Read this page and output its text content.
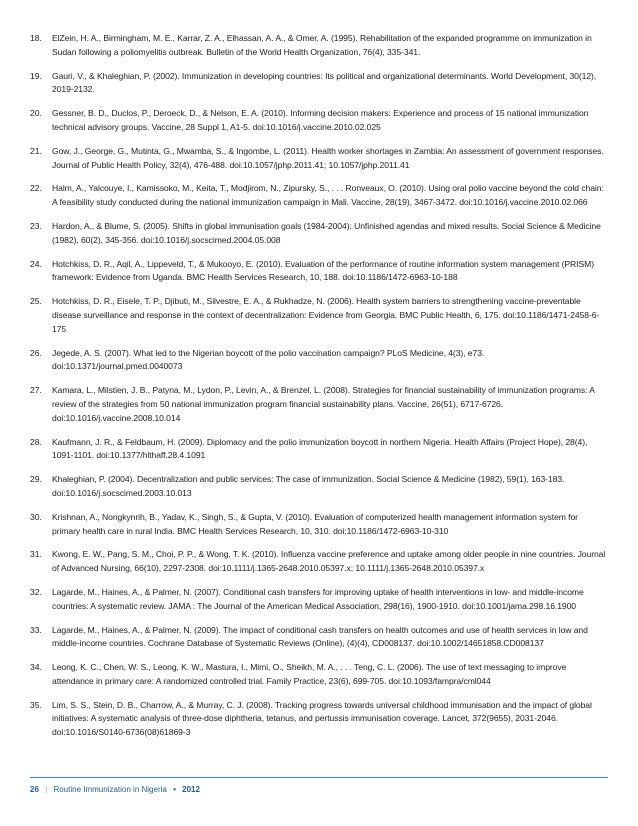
18. ElZein, H. A., Birmingham, M. E., Karrar, Z. A., Elhassan, A. A., & Omer, A. (1995). Rehabilitation of the expanded programme on immunization in Sudan following a poliomyelitis outbreak. Bulletin of the World Health Organization, 76(4), 335-341.
19. Gauri, V., & Khaleghian, P. (2002). Immunization in developing countries: Its political and organizational determinants. World Development, 30(12), 2019-2132.
20. Gessner, B. D., Duclos, P., Deroeck, D., & Nelson, E. A. (2010). Informing decision makers: Experience and process of 15 national immunization technical advisory groups. Vaccine, 28 Suppl 1, A1-5. doi:10.1016/j.vaccine.2010.02.025
21. Gow, J., George, G., Mutinta, G., Mwamba, S., & Ingombe, L. (2011). Health worker shortages in Zambia: An assessment of government responses. Journal of Public Health Policy, 32(4), 476-488. doi:10.1057/jphp.2011.41; 10.1057/jphp.2011.41
22. Halm, A., Yalcouye, I., Kamissoko, M., Keita, T., Modjirom, N., Zipursky, S., . . . Ronveaux, O. (2010). Using oral polio vaccine beyond the cold chain: A feasibility study conducted during the national immunization campaign in Mali. Vaccine, 28(19), 3467-3472. doi:10.1016/j.vaccine.2010.02.066
23. Hardon, A., & Blume, S. (2005). Shifts in global immunisation goals (1984-2004): Unfinished agendas and mixed results. Social Science & Medicine (1982), 60(2), 345-356. doi:10.1016/j.socscimed.2004.05.008
24. Hotchkiss, D. R., Aqil, A., Lippeveld, T., & Mukooyo, E. (2010). Evaluation of the performance of routine information system management (PRISM) framework: Evidence from Uganda. BMC Health Services Research, 10, 188. doi:10.1186/1472-6963-10-188
25. Hotchkiss, D. R., Eisele, T. P., Djibuti, M., Silvestre, E. A., & Rukhadze, N. (2006). Health system barriers to strengthening vaccine-preventable disease surveillance and response in the context of decentralization: Evidence from Georgia. BMC Public Health, 6, 175. doi:10.1186/1471-2458-6-175
26. Jegede, A. S. (2007). What led to the Nigerian boycott of the polio vaccination campaign? PLoS Medicine, 4(3), e73. doi:10.1371/journal.pmed.0040073
27. Kamara, L., Milstien, J. B., Patyna, M., Lydon, P., Levin, A., & Brenzel, L. (2008). Strategies for financial sustainability of immunization programs: A review of the strategies from 50 national immunization program financial sustainability plans. Vaccine, 26(51), 6717-6726. doi:10.1016/j.vaccine.2008.10.014
28. Kaufmann, J. R., & Feldbaum, H. (2009). Diplomacy and the polio immunization boycott in northern Nigeria. Health Affairs (Project Hope), 28(4), 1091-1101. doi:10.1377/hlthaff.28.4.1091
29. Khaleghian, P. (2004). Decentralization and public services: The case of immunization. Social Science & Medicine (1982), 59(1), 163-183. doi:10.1016/j.socscimed.2003.10.013
30. Krishnan, A., Nongkynrih, B., Yadav, K., Singh, S., & Gupta, V. (2010). Evaluation of computerized health management information system for primary health care in rural India. BMC Health Services Research, 10, 310. doi:10.1186/1472-6963-10-310
31. Kwong, E. W., Pang, S. M., Choi, P. P., & Wong, T. K. (2010). Influenza vaccine preference and uptake among older people in nine countries. Journal of Advanced Nursing, 66(10), 2297-2308. doi:10.1111/j.1365-2648.2010.05397.x; 10.1111/j.1365-2648.2010.05397.x
32. Lagarde, M., Haines, A., & Palmer, N. (2007). Conditional cash transfers for improving uptake of health interventions in low- and middle-income countries: A systematic review. JAMA : The Journal of the American Medical Association, 298(16), 1900-1910. doi:10.1001/jama.298.16.1900
33. Lagarde, M., Haines, A., & Palmer, N. (2009). The impact of conditional cash transfers on health outcomes and use of health services in low and middle-income countries. Cochrane Database of Systematic Reviews (Online), (4)(4), CD008137. doi:10.1002/14651858.CD008137
34. Leong, K. C., Chen, W. S., Leong, K. W., Mastura, I., Mimi, O., Sheikh, M. A., . . . Teng, C. L. (2006). The use of text messaging to improve attendance in primary care: A randomized controlled trial. Family Practice, 23(6), 699-705. doi:10.1093/fampra/cml044
35. Lim, S. S., Stein, D. B., Charrow, A., & Murray, C. J. (2008). Tracking progress towards universal childhood immunisation and the impact of global initiatives: A systematic analysis of three-dose diphtheria, tetanus, and pertussis immunisation coverage. Lancet, 372(9655), 2031-2046. doi:10.1016/S0140-6736(08)61869-3
26 | Routine Immunization in Nigeria • 2012
